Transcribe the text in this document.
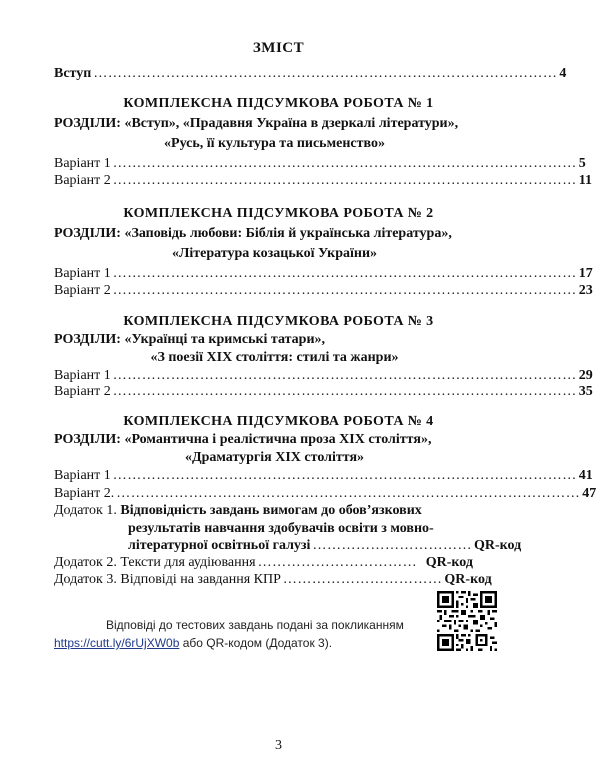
ЗМІСТ
Вступ …………………………………………………………………………………… 4
КОМПЛЕКСНА ПІДСУМКОВА РОБОТА № 1
РОЗДІЛИ: «Вступ», «Прадавня Україна в дзеркалі літератури»,
«Русь, її культура та письменство»
Варіант 1 …………………………………………………………………………………… 5
Варіант 2 …………………………………………………………………………………… 11
КОМПЛЕКСНА ПІДСУМКОВА РОБОТА № 2
РОЗДІЛИ: «Заповідь любови: Біблія й українська література»,
«Література козацької України»
Варіант 1 …………………………………………………………………………………… 17
Варіант 2 …………………………………………………………………………………… 23
КОМПЛЕКСНА ПІДСУМКОВА РОБОТА № 3
РОЗДІЛИ: «Українці та кримські татари»,
«З поезії ХІХ століття: стилі та жанри»
Варіант 1 …………………………………………………………………………………… 29
Варіант 2 …………………………………………………………………………………… 35
КОМПЛЕКСНА ПІДСУМКОВА РОБОТА № 4
РОЗДІЛИ: «Романтична і реалістична проза ХІХ століття»,
«Драматургія ХІХ століття»
Варіант 1 …………………………………………………………………………………… 41
Варіант 2. …………………………………………………………………………………… 47
Додаток 1. Відповідність завдань вимогам до обов’язкових
результатів навчання здобувачів освіти з мовно-
літературної освітньої галузі …………………………… QR-код
Додаток 2. Тексти для аудіювання …………………………… QR-код
Додаток 3. Відповіді на завдання КПР …………………………… QR-код
Відповіді до тестових завдань подані за покликанням
https://cutt.ly/6rUjXW0b або QR-кодом (Додаток 3).
3
